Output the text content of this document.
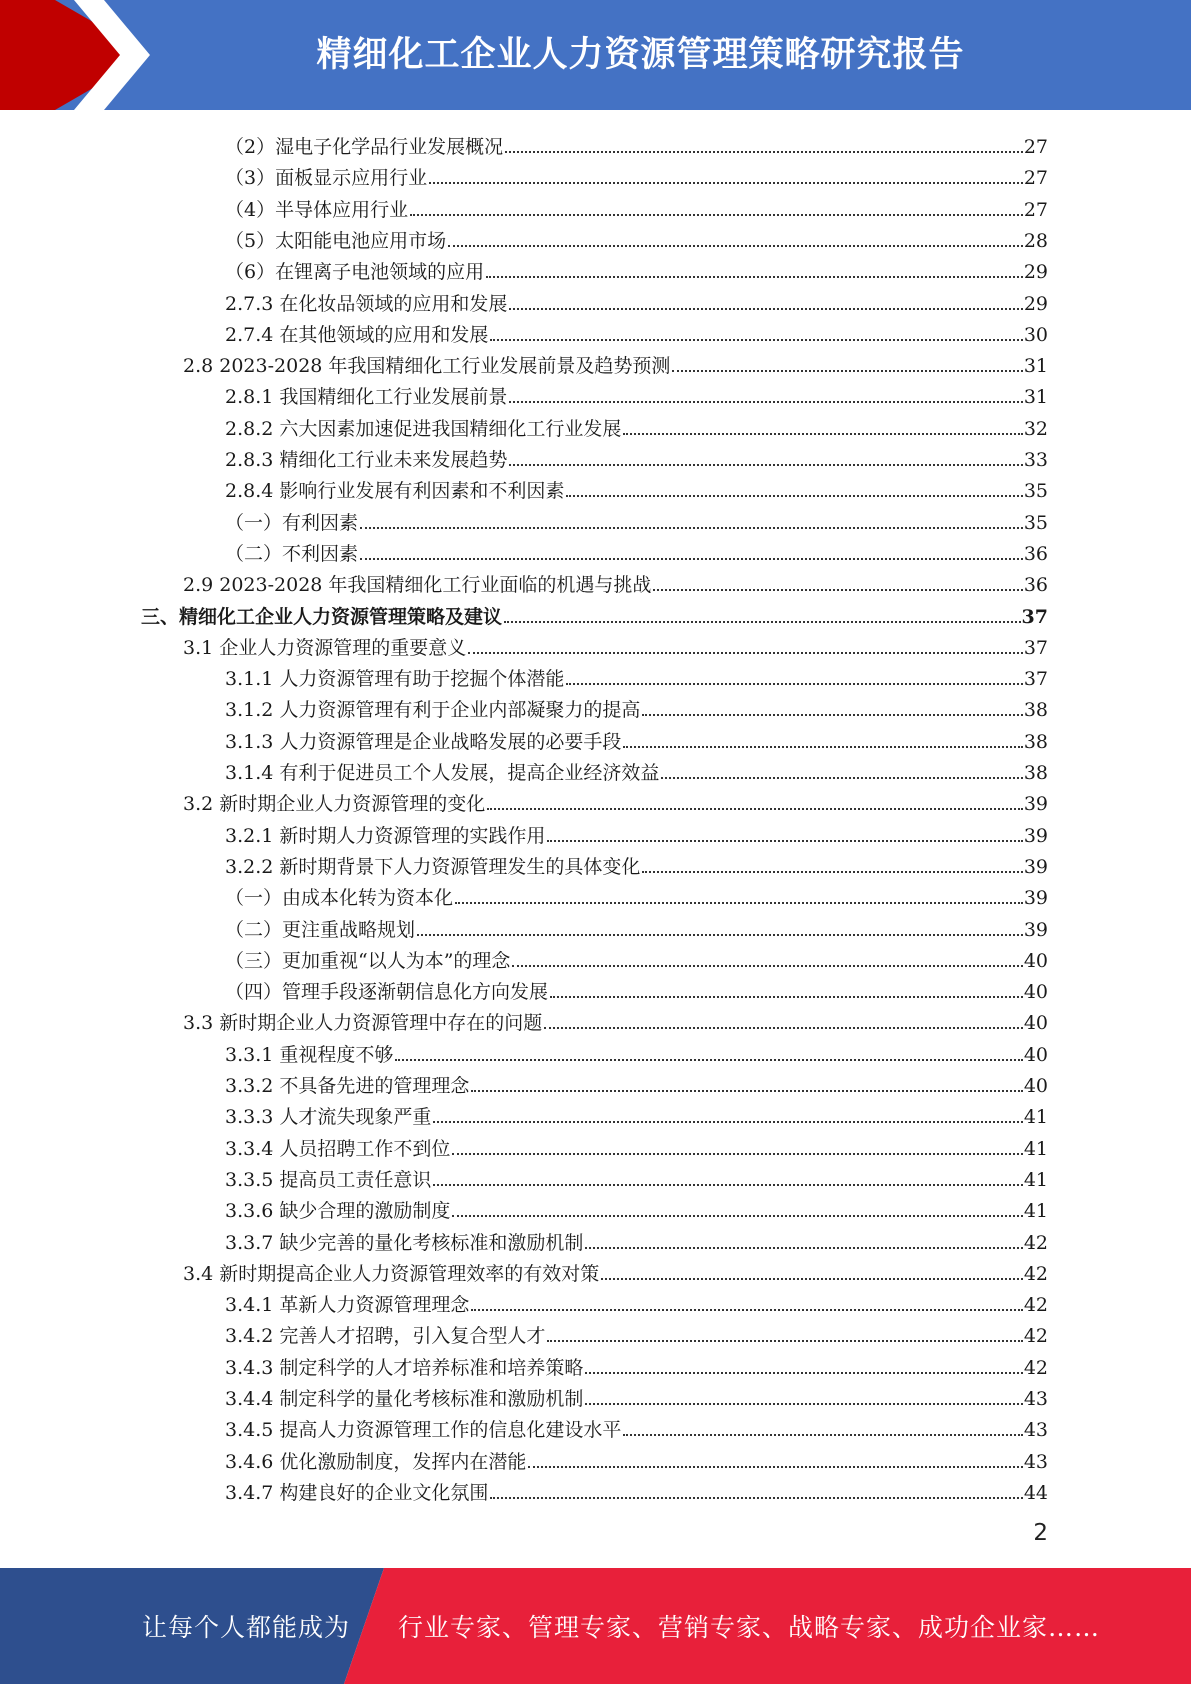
精细化工企业人力资源管理策略研究报告
（2）湿电子化学品行业发展概况	27
（3）面板显示应用行业	27
（4）半导体应用行业	27
（5）太阳能电池应用市场	28
（6）在锂离子电池领域的应用	29
2.7.3 在化妆品领域的应用和发展	29
2.7.4 在其他领域的应用和发展	30
2.8 2023-2028 年我国精细化工行业发展前景及趋势预测	31
2.8.1 我国精细化工行业发展前景	31
2.8.2 六大因素加速促进我国精细化工行业发展	32
2.8.3 精细化工行业未来发展趋势	33
2.8.4 影响行业发展有利因素和不利因素	35
（一）有利因素	35
（二）不利因素	36
2.9 2023-2028 年我国精细化工行业面临的机遇与挑战	36
三、精细化工企业人力资源管理策略及建议	37
3.1 企业人力资源管理的重要意义	37
3.1.1 人力资源管理有助于挖掘个体潜能	37
3.1.2 人力资源管理有利于企业内部凝聚力的提高	38
3.1.3 人力资源管理是企业战略发展的必要手段	38
3.1.4 有利于促进员工个人发展，提高企业经济效益	38
3.2 新时期企业人力资源管理的变化	39
3.2.1 新时期人力资源管理的实践作用	39
3.2.2 新时期背景下人力资源管理发生的具体变化	39
（一）由成本化转为资本化	39
（二）更注重战略规划	39
（三）更加重视“以人为本”的理念	40
（四）管理手段逐渐朝信息化方向发展	40
3.3 新时期企业人力资源管理中存在的问题	40
3.3.1 重视程度不够	40
3.3.2 不具备先进的管理理念	40
3.3.3 人才流失现象严重	41
3.3.4 人员招聘工作不到位	41
3.3.5 提高员工责任意识	41
3.3.6 缺少合理的激励制度	41
3.3.7 缺少完善的量化考核标准和激励机制	42
3.4 新时期提高企业人力资源管理效率的有效对策	42
3.4.1 革新人力资源管理理念	42
3.4.2 完善人才招聘，引入复合型人才	42
3.4.3 制定科学的人才培养标准和培养策略	42
3.4.4 制定科学的量化考核标准和激励机制	43
3.4.5 提高人力资源管理工作的信息化建设水平	43
3.4.6 优化激励制度，发挥内在潜能	43
3.4.7 构建良好的企业文化氛围	44
2
让每个人都能成为 行业专家、管理专家、营销专家、战略专家、成功企业家……
